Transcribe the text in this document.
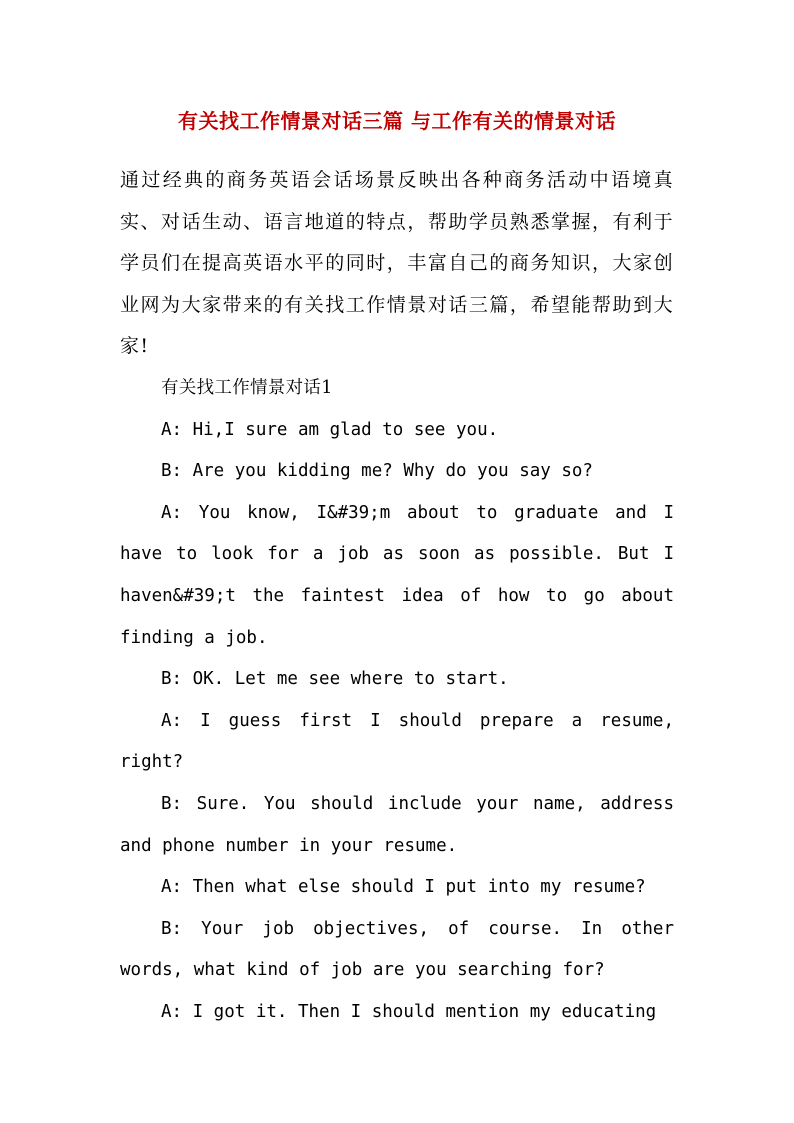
有关找工作情景对话三篇 与工作有关的情景对话

通过经典的商务英语会话场景反映出各种商务活动中语境真实、对话生动、语言地道的特点，帮助学员熟悉掌握，有利于学员们在提高英语水平的同时，丰富自己的商务知识，大家创业网为大家带来的有关找工作情景对话三篇，希望能帮助到大家!

有关找工作情景对话1

A: Hi,I sure am glad to see you.

B: Are you kidding me? Why do you say so?

A: You know, I&#39;m about to graduate and I have to look for a job as soon as possible. But I haven&#39;t the faintest idea of how to go about finding a job.

B: OK. Let me see where to start.

A: I guess first I should prepare a resume, right?

B: Sure. You should include your name, address and phone number in your resume.

A: Then what else should I put into my resume?

B: Your job objectives, of course. In other words, what kind of job are you searching for?

A: I got it. Then I should mention my educating
